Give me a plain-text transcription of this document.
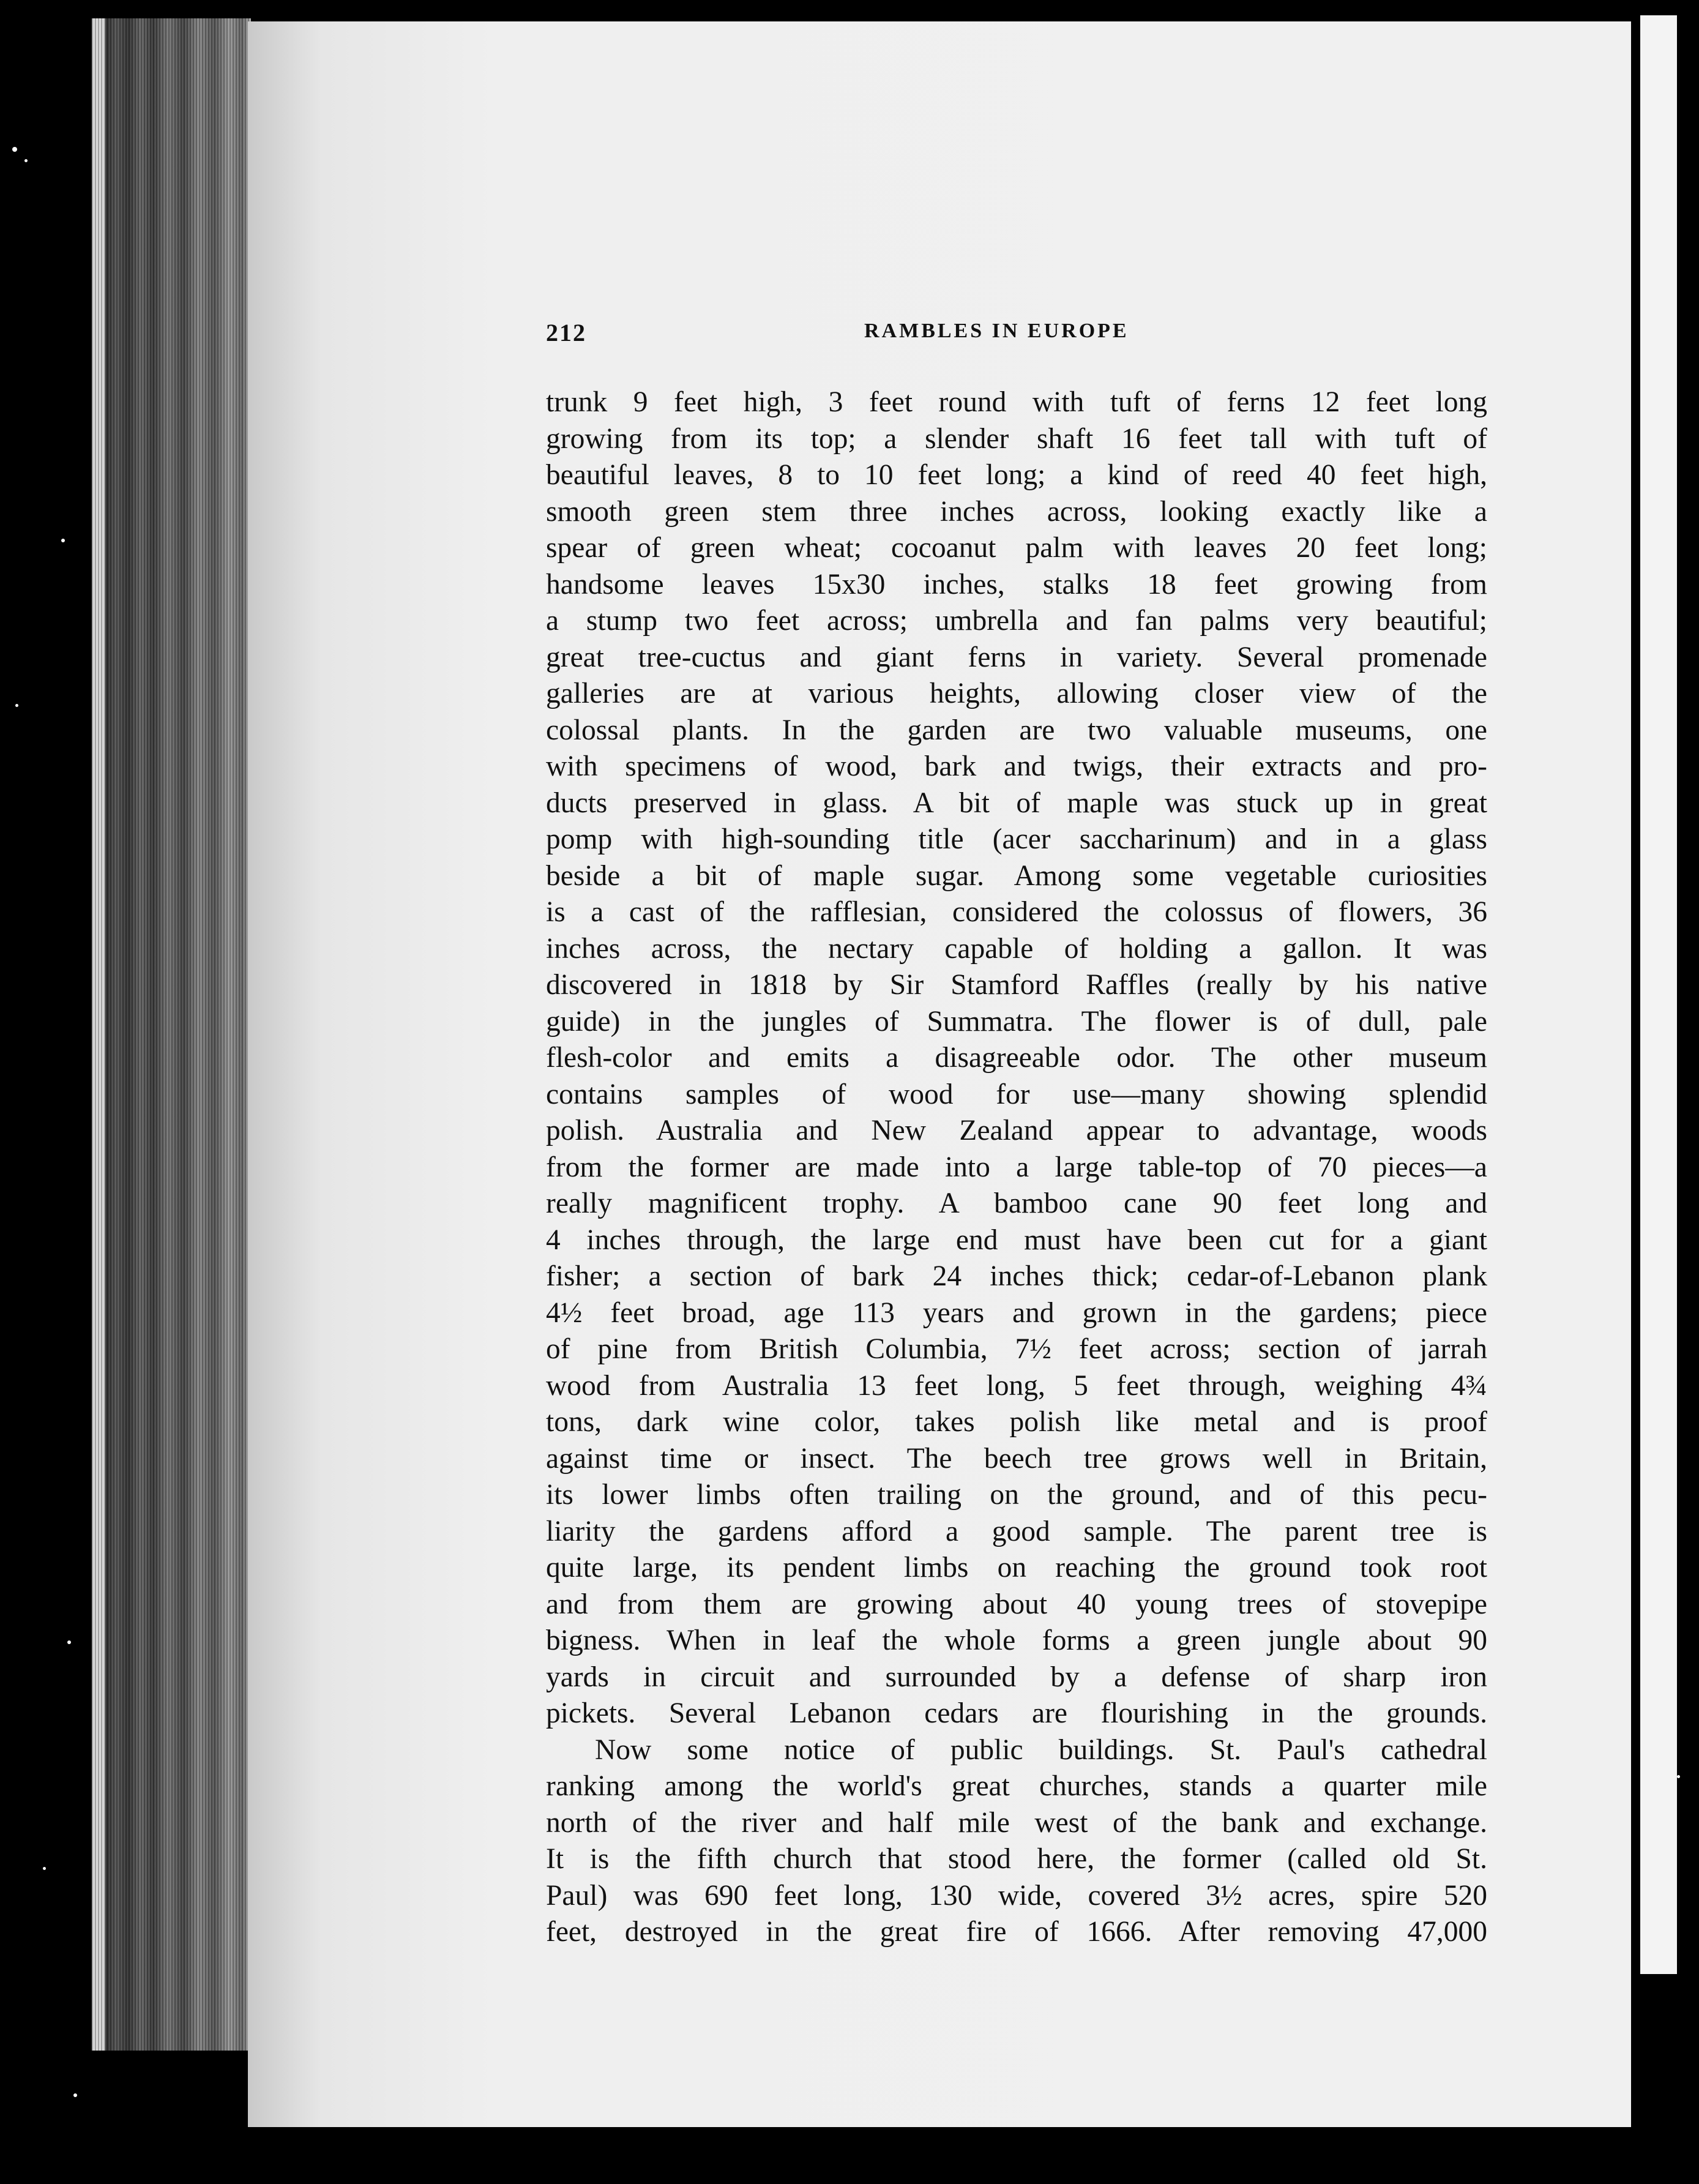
212	RAMBLES IN EUROPE
trunk 9 feet high, 3 feet round with tuft of ferns 12 feet long
growing from its top; a slender shaft 16 feet tall with tuft of
beautiful leaves, 8 to 10 feet long; a kind of reed 40 feet high,
smooth green stem three inches across, looking exactly like a
spear of green wheat; cocoanut palm with leaves 20 feet long;
handsome leaves 15x30 inches, stalks 18 feet growing from
a stump two feet across; umbrella and fan palms very beautiful;
great tree-cuctus and giant ferns in variety. Several promenade
galleries are at various heights, allowing closer view of the
colossal plants. In the garden are two valuable museums, one
with specimens of wood, bark and twigs, their extracts and pro-
ducts preserved in glass. A bit of maple was stuck up in great
pomp with high-sounding title (acer saccharinum) and in a glass
beside a bit of maple sugar. Among some vegetable curiosities
is a cast of the rafflesian, considered the colossus of flowers, 36
inches across, the nectary capable of holding a gallon. It was
discovered in 1818 by Sir Stamford Raffles (really by his native
guide) in the jungles of Summatra. The flower is of dull, pale
flesh-color and emits a disagreeable odor. The other museum
contains samples of wood for use—many showing splendid
polish. Australia and New Zealand appear to advantage, woods
from the former are made into a large table-top of 70 pieces—a
really magnificent trophy. A bamboo cane 90 feet long and
4 inches through, the large end must have been cut for a giant
fisher; a section of bark 24 inches thick; cedar-of-Lebanon plank
4½ feet broad, age 113 years and grown in the gardens; piece
of pine from British Columbia, 7½ feet across; section of jarrah
wood from Australia 13 feet long, 5 feet through, weighing 4¾
tons, dark wine color, takes polish like metal and is proof
against time or insect. The beech tree grows well in Britain,
its lower limbs often trailing on the ground, and of this pecu-
liarity the gardens afford a good sample. The parent tree is
quite large, its pendent limbs on reaching the ground took root
and from them are growing about 40 young trees of stovepipe
bigness. When in leaf the whole forms a green jungle about 90
yards in circuit and surrounded by a defense of sharp iron
pickets. Several Lebanon cedars are flourishing in the grounds.
Now some notice of public buildings. St. Paul's cathedral
ranking among the world's great churches, stands a quarter mile
north of the river and half mile west of the bank and exchange.
It is the fifth church that stood here, the former (called old St.
Paul) was 690 feet long, 130 wide, covered 3½ acres, spire 520
feet, destroyed in the great fire of 1666. After removing 47,000
